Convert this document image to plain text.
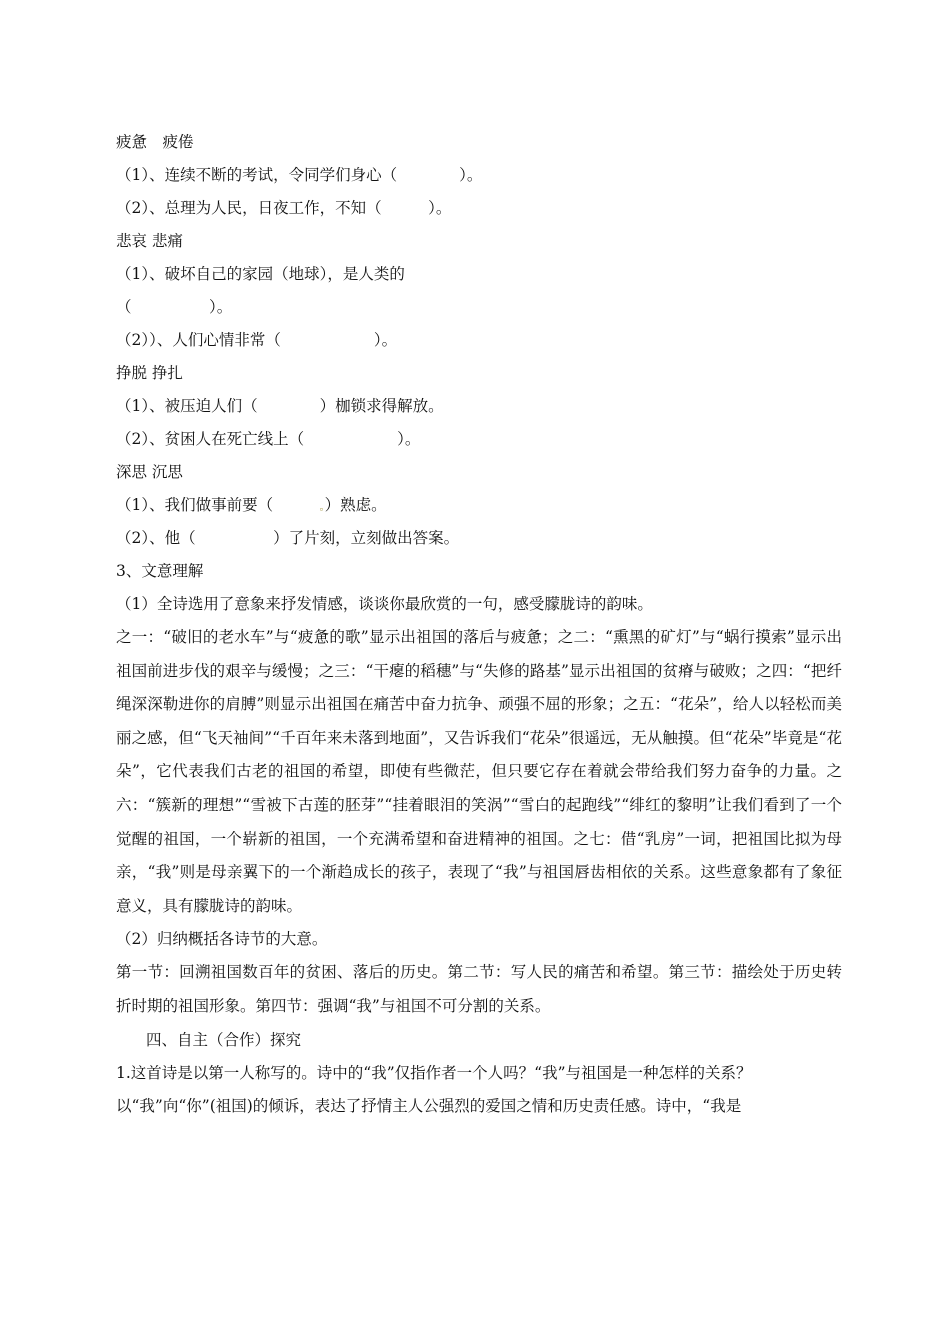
疲惫　疲倦
（1）、连续不断的考试，令同学们身心（　　　　）。
（2）、总理为人民，日夜工作，不知（　　　）。
悲哀 悲痛
（1）、破坏自己的家园（地球），是人类的
（　　　　　）。
（2））、人们心情非常（　　　　　　）。
挣脱 挣扎
（1）、被压迫人们（　　　　）枷锁求得解放。
（2）、贫困人在死亡线上（　　　　　　）。
深思 沉思
（1）、我们做事前要（　　　。）熟虑。
（2）、他（　　　　　）了片刻，立刻做出答案。
3、文意理解
（1）全诗选用了意象来抒发情感，谈谈你最欣赏的一句，感受朦胧诗的韵味。
之一：“破旧的老水车”与“疲惫的歌”显示出祖国的落后与疲惫；之二：“熏黑的矿灯”与“蜗行摸索”显示出祖国前进步伐的艰辛与缓慢；之三：“干瘪的稻穗”与“失修的路基”显示出祖国的贫瘠与破败；之四：“把纤绳深深勒进你的肩膊”则显示出祖国在痛苦中奋力抗争、顽强不屈的形象；之五：“花朵”，给人以轻松而美丽之感，但“飞天袖间”“千百年来未落到地面”，又告诉我们“花朵”很遥远，无从触摸。但“花朵”毕竟是“花朵”，它代表我们古老的祖国的希望，即使有些微茫，但只要它存在着就会带给我们努力奋争的力量。之六：“簇新的理想”“雪被下古莲的胚芽”“挂着眼泪的笑涡”“雪白的起跑线”“绯红的黎明”让我们看到了一个觉醒的祖国，一个崭新的祖国，一个充满希望和奋进精神的祖国。之七：借“乳房”一词，把祖国比拟为母亲，“我”则是母亲翼下的一个渐趋成长的孩子，表现了“我”与祖国唇齿相依的关系。这些意象都有了象征意义，具有朦胧诗的韵味。
（2）归纳概括各诗节的大意。
第一节：回溯祖国数百年的贫困、落后的历史。第二节：写人民的痛苦和希望。第三节：描绘处于历史转折时期的祖国形象。第四节：强调“我”与祖国不可分割的关系。
四、自主（合作）探究
1.这首诗是以第一人称写的。诗中的“我”仅指作者一个人吗？“我”与祖国是一种怎样的关系？
以“我”向“你”(祖国)的倾诉，表达了抒情主人公强烈的爱国之情和历史责任感。诗中，“我是
